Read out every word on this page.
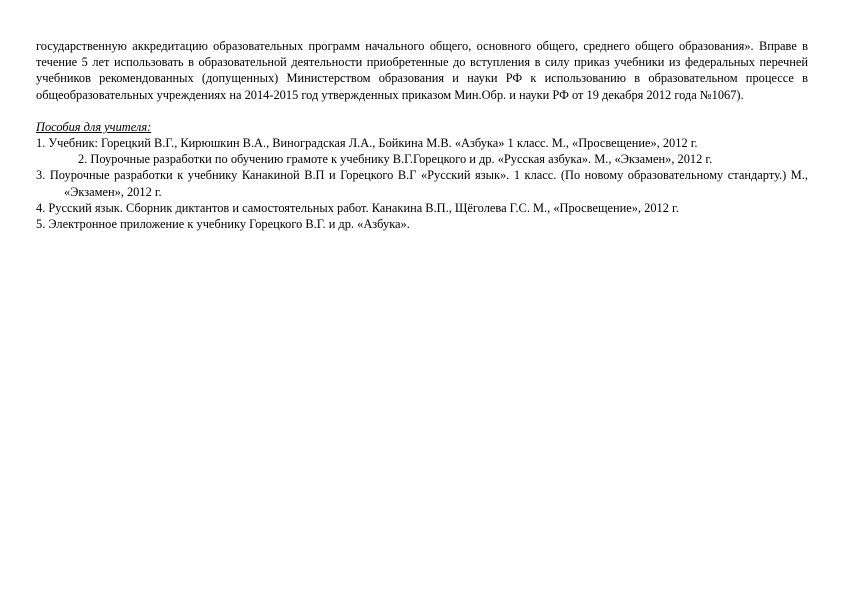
государственную аккредитацию образовательных программ начального общего, основного общего, среднего общего образования». Вправе в течение 5 лет использовать в образовательной деятельности приобретенные до вступления в силу приказ учебники из федеральных перечней учебников рекомендованных (допущенных) Министерством образования и науки РФ к использованию в образовательном процессе в общеобразовательных учреждениях на 2014-2015 год утвержденных приказом Мин.Обр. и науки РФ от 19 декабря 2012 года №1067).

Пособия для учителя:

1. Учебник: Горецкий В.Г., Кирюшкин В.А., Виноградская Л.А., Бойкина М.В. «Азбука» 1 класс. М., «Просвещение», 2012 г.

2. Поурочные разработки по обучению грамоте к учебнику В.Г.Горецкого и др. «Русская азбука». М., «Экзамен», 2012 г.

3. Поурочные разработки к учебнику Канакиной В.П и Горецкого В.Г «Русский язык». 1 класс. (По новому образовательному стандарту.) М.,«Экзамен», 2012 г.

4. Русский язык. Сборник диктантов и самостоятельных работ. Канакина В.П., Щёголева Г.С. М., «Просвещение», 2012 г.

5. Электронное приложение к учебнику Горецкого В.Г. и др. «Азбука».
